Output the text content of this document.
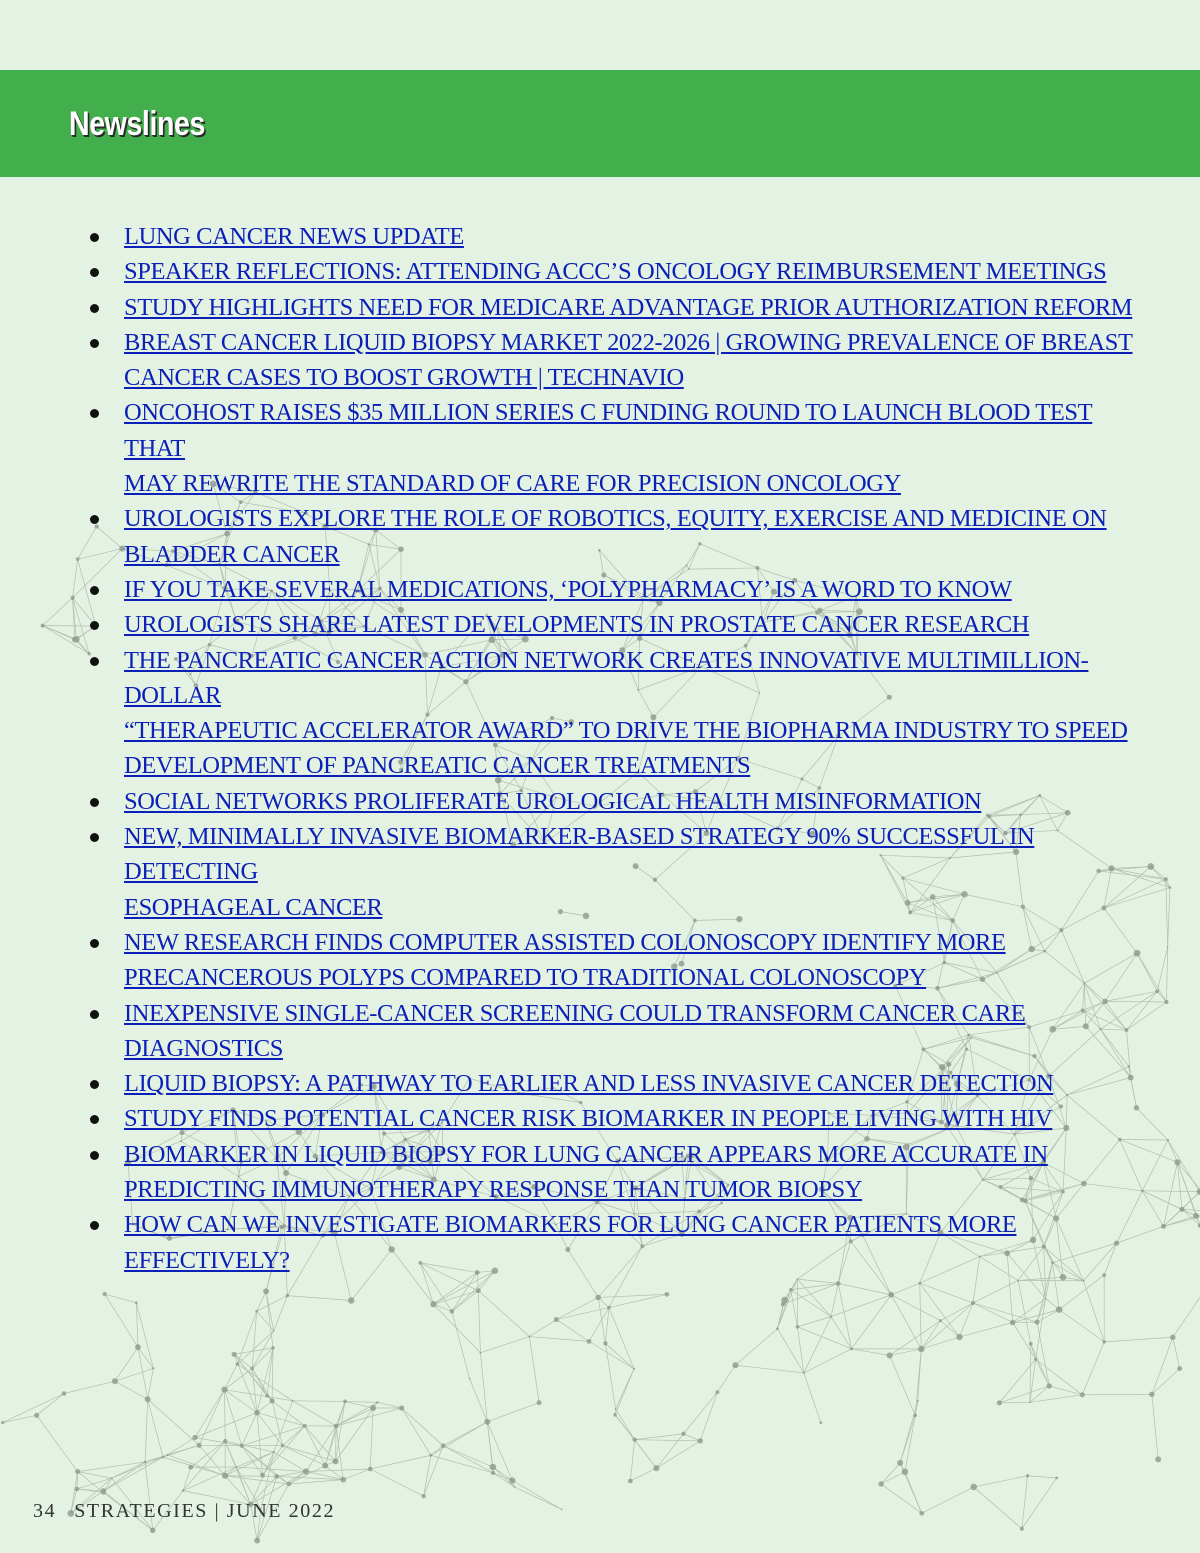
Newslines
LUNG CANCER NEWS UPDATE
SPEAKER REFLECTIONS: ATTENDING ACCC’S ONCOLOGY REIMBURSEMENT MEETINGS
STUDY HIGHLIGHTS NEED FOR MEDICARE ADVANTAGE PRIOR AUTHORIZATION REFORM
BREAST CANCER LIQUID BIOPSY MARKET 2022-2026 | GROWING PREVALENCE OF BREAST
CANCER CASES TO BOOST GROWTH | TECHNAVIO
ONCOHOST RAISES $35 MILLION SERIES C FUNDING ROUND TO LAUNCH BLOOD TEST THAT
MAY REWRITE THE STANDARD OF CARE FOR PRECISION ONCOLOGY
UROLOGISTS EXPLORE THE ROLE OF ROBOTICS, EQUITY, EXERCISE AND MEDICINE ON
BLADDER CANCER
IF YOU TAKE SEVERAL MEDICATIONS, ‘POLYPHARMACY’ IS A WORD TO KNOW
UROLOGISTS SHARE LATEST DEVELOPMENTS IN PROSTATE CANCER RESEARCH
THE PANCREATIC CANCER ACTION NETWORK CREATES INNOVATIVE MULTIMILLION-DOLLAR
“THERAPEUTIC ACCELERATOR AWARD” TO DRIVE THE BIOPHARMA INDUSTRY TO SPEED
DEVELOPMENT OF PANCREATIC CANCER TREATMENTS
SOCIAL NETWORKS PROLIFERATE UROLOGICAL HEALTH MISINFORMATION
NEW, MINIMALLY INVASIVE BIOMARKER-BASED STRATEGY 90% SUCCESSFUL IN DETECTING
ESOPHAGEAL CANCER
NEW RESEARCH FINDS COMPUTER ASSISTED COLONOSCOPY IDENTIFY MORE
PRECANCEROUS POLYPS COMPARED TO TRADITIONAL COLONOSCOPY
INEXPENSIVE SINGLE-CANCER SCREENING COULD TRANSFORM CANCER CARE DIAGNOSTICS
LIQUID BIOPSY: A PATHWAY TO EARLIER AND LESS INVASIVE CANCER DETECTION
STUDY FINDS POTENTIAL CANCER RISK BIOMARKER IN PEOPLE LIVING WITH HIV
BIOMARKER IN LIQUID BIOPSY FOR LUNG CANCER APPEARS MORE ACCURATE IN
PREDICTING IMMUNOTHERAPY RESPONSE THAN TUMOR BIOPSY
HOW CAN WE INVESTIGATE BIOMARKERS FOR LUNG CANCER PATIENTS MORE EFFECTIVELY?
34 STRATEGIES | JUNE 2022
